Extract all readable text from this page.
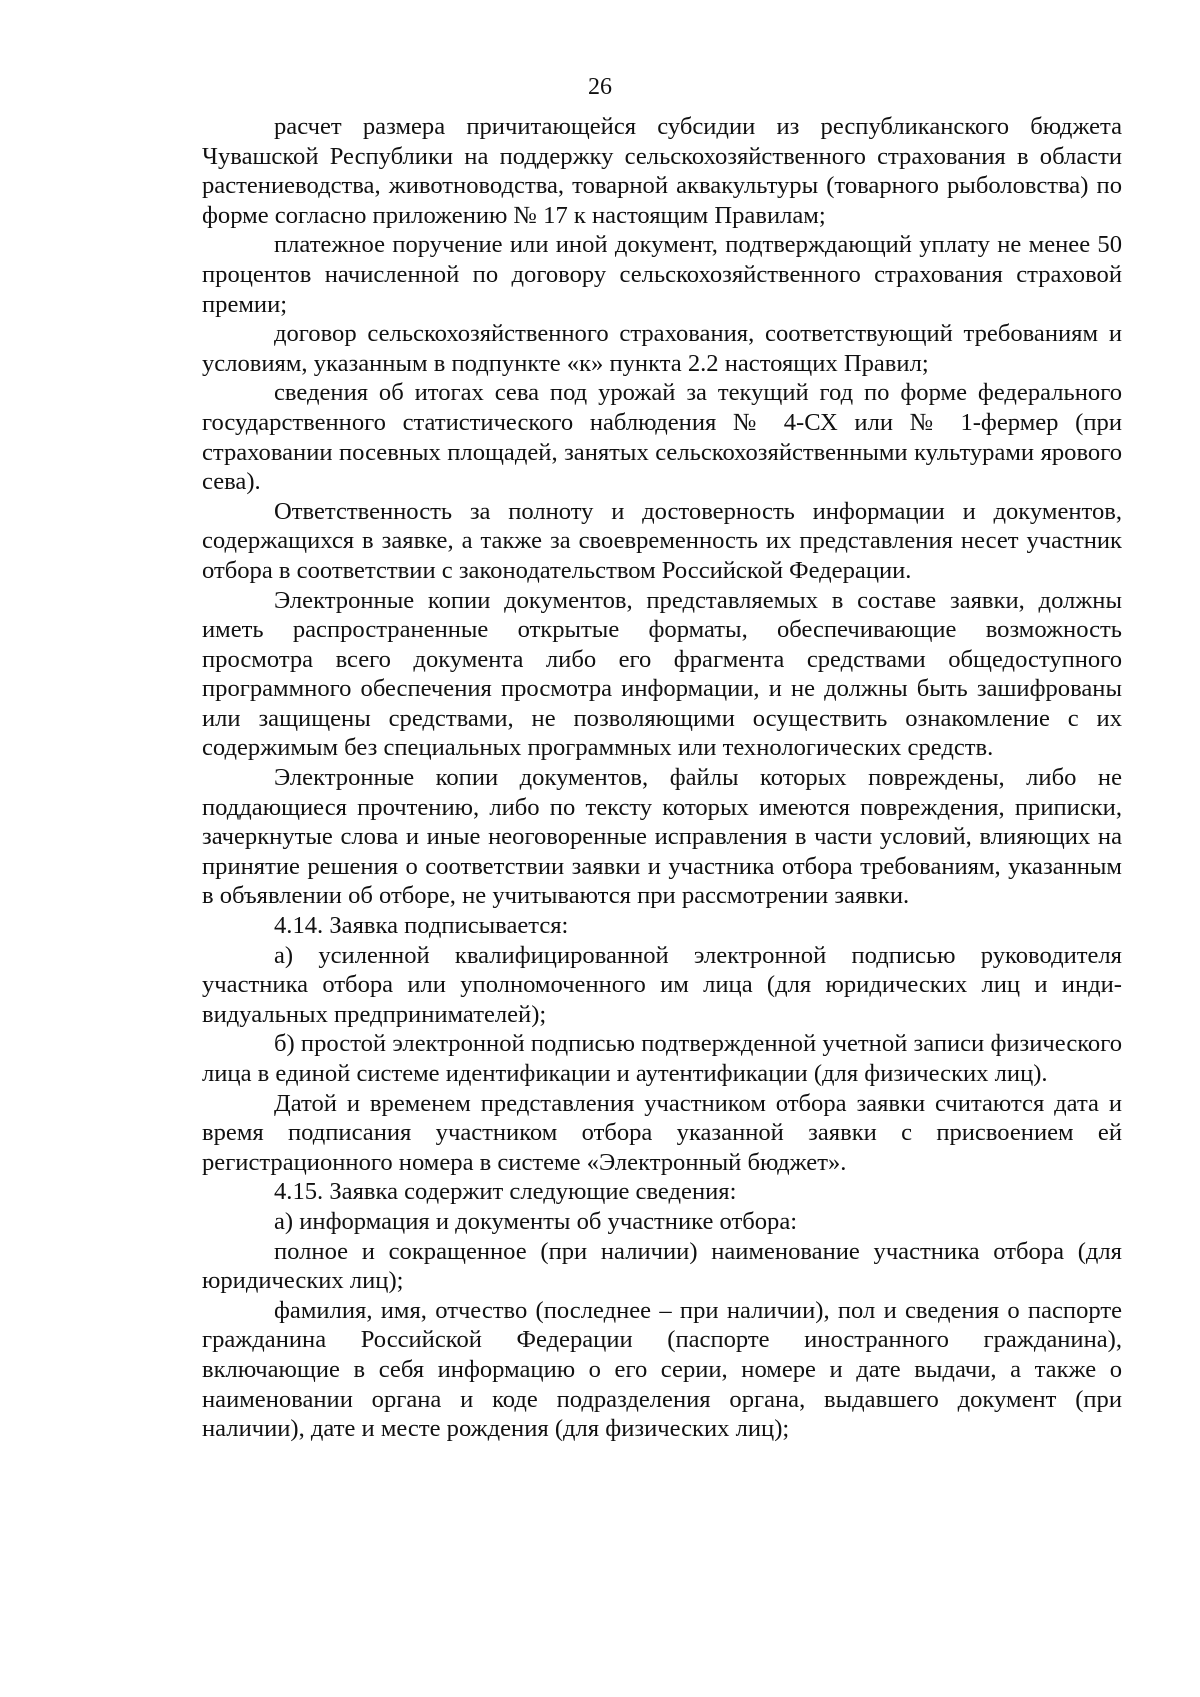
26

расчет размера причитающейся субсидии из республиканского бюджета Чувашской Республики на поддержку сельскохозяйственного страхования в области растениеводства, животноводства, товарной аквакультуры (товарного рыболовства) по форме согласно приложению № 17 к настоящим Правилам;

платежное поручение или иной документ, подтверждающий уплату не менее 50 процентов начисленной по договору сельскохозяйственного страхования страховой премии;

договор сельскохозяйственного страхования, соответствующий требованиям и условиям, указанным в подпункте «к» пункта 2.2 настоящих Правил;

сведения об итогах сева под урожай за текущий год по форме федерального государственного статистического наблюдения № 4-СХ или № 1-фермер (при страховании посевных площадей, занятых сельскохозяйственными культурами ярового сева).

Ответственность за полноту и достоверность информации и документов, содержащихся в заявке, а также за своевременность их представления несет участник отбора в соответствии с законодательством Российской Федерации.

Электронные копии документов, представляемых в составе заявки, должны иметь распространенные открытые форматы, обеспечивающие возможность просмотра всего документа либо его фрагмента средствами общедоступного программного обеспечения просмотра информации, и не должны быть зашифрованы или защищены средствами, не позволяющими осуществить ознакомление с их содержимым без специальных программных или технологических средств.

Электронные копии документов, файлы которых повреждены, либо не поддающиеся прочтению, либо по тексту которых имеются повреждения, приписки, зачеркнутые слова и иные неоговоренные исправления в части условий, влияющих на принятие решения о соответствии заявки и участника отбора требованиям, указанным в объявлении об отборе, не учитываются при рассмотрении заявки.

4.14. Заявка подписывается:

а) усиленной квалифицированной электронной подписью руководителя участника отбора или уполномоченного им лица (для юридических лиц и индивидуальных предпринимателей);

б) простой электронной подписью подтвержденной учетной записи физического лица в единой системе идентификации и аутентификации (для физических лиц).

Датой и временем представления участником отбора заявки считаются дата и время подписания участником отбора указанной заявки с присвоением ей регистрационного номера в системе «Электронный бюджет».

4.15. Заявка содержит следующие сведения:

а) информация и документы об участнике отбора:

полное и сокращенное (при наличии) наименование участника отбора (для юридических лиц);

фамилия, имя, отчество (последнее – при наличии), пол и сведения о паспорте гражданина Российской Федерации (паспорте иностранного гражданина), включающие в себя информацию о его серии, номере и дате выдачи, а также о наименовании органа и коде подразделения органа, выдавшего документ (при наличии), дате и месте рождения (для физических лиц);
